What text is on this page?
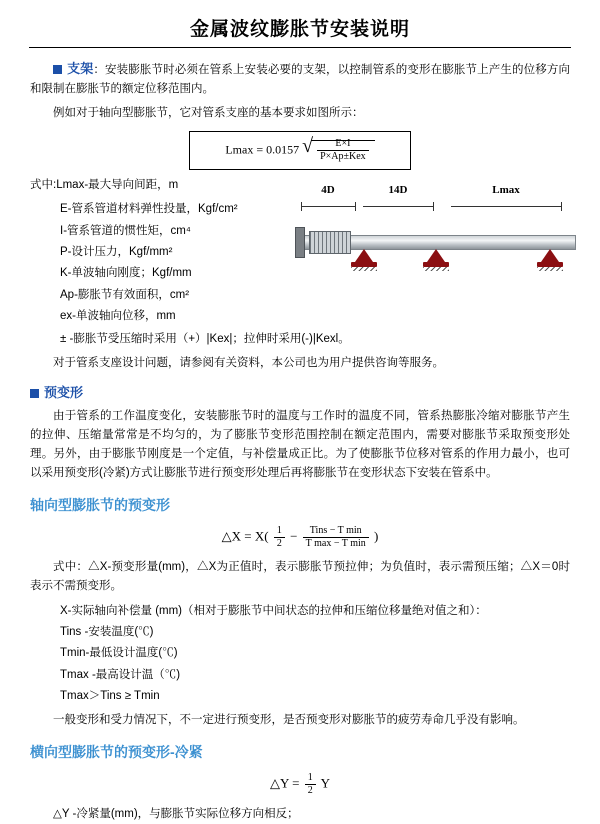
金属波纹膨胀节安装说明

支架：安装膨胀节时必须在管系上安装必要的支架，以控制管系的变形在膨胀节上产生的位移方向和限制在膨胀节的额定位移范围内。

例如对于轴向型膨胀节，它对管系支座的基本要求如图所示：

Lmax = 0.0157 √ $\frac{E\times I}{\text{P×Ap±Kex}}$
式中:Lmax-最大导向间距，m
E-管系管道材料弹性投量，Kgf/cm²
I-管系管道的惯性矩，cm⁴
P-设计压力，Kgf/mm²
K-单波轴向刚度；Kgf/mm
Ap-膨胀节有效面积，cm²
ex-单波轴向位移，mm
4D	14D	Lmax
± -膨胀节受压缩时采用（+）|Kex|；拉伸时采用(-)|Kexl。

对于管系支座设计问题，请参阅有关资料，本公司也为用户提供咨询等服务。

预变形

由于管系的工作温度变化，安装膨胀节时的温度与工作时的温度不同，管系热膨胀冷缩对膨胀节产生的拉伸、压缩量常常是不均匀的，为了膨胀节变形范围控制在额定范围内，需要对膨胀节采取预变形处理。另外，由于膨胀节刚度是一个定值，与补偿量成正比。为了使膨胀节位移对管系的作用力最小，也可以采用预变形(冷紧)方式让膨胀节进行预变形处理后再将膨胀节在变形状态下安装在管系中。

轴向型膨胀节的预变形
△X = $X( \frac{1}{2} - \frac{\text{Tins − T min}}{\text{T max − T min}}$ )

式中：△X-预变形量(mm)，△X为正值时，表示膨胀节预拉伸；为负值时，表示需预压缩；△X＝0时表示不需预变形。

X-实际轴向补偿量 (mm)（相对于膨胀节中间状态的拉伸和压缩位移量绝对值之和）：
Tins -安装温度(℃)
Tmin-最低设计温度(℃)
Tmax -最高设计温（℃)
Tmax＞Tins ≥ Tmin

一般变形和受力情况下，不一定进行预变形，是否预变形对膨胀节的疲劳寿命几乎没有影响。

横向型膨胀节的预变形-冷紧
△Y = $\frac{1}{2}$ Y

△Y -冷紧量(mm)，与膨胀节实际位移方向相反；
